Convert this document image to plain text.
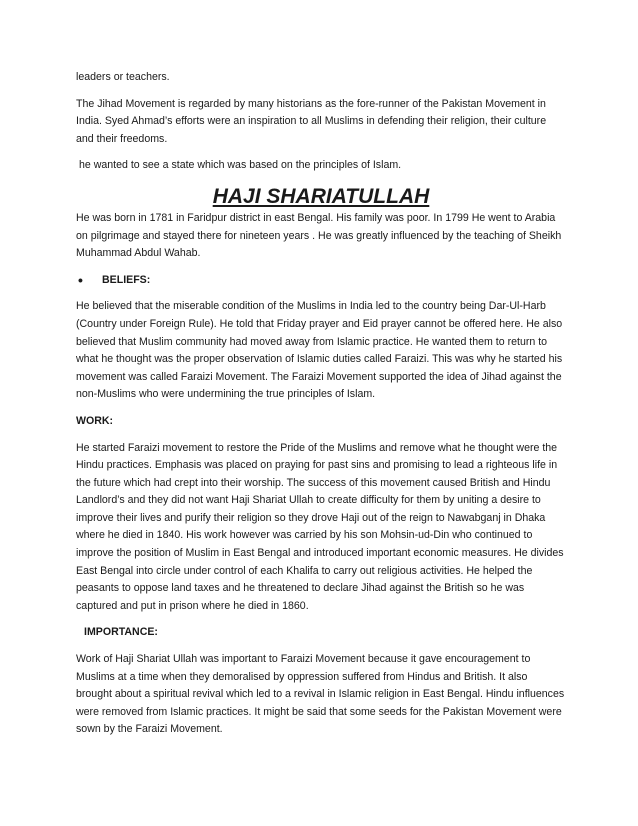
leaders or teachers.

The Jihad Movement is regarded by many historians as the fore-runner of the Pakistan Movement in India. Syed Ahmad’s efforts were an inspiration to all Muslims in defending their religion, their culture and their freedoms.

he wanted to see a state which was based on the principles of Islam.

HAJI SHARIATULLAH

He was born in 1781 in Faridpur district in east Bengal. His family was poor. In 1799 He went to Arabia on pilgrimage and stayed there for nineteen years . He was greatly influenced by the teaching of Sheikh Muhammad Abdul Wahab.

•	BELIEFS:

He believed that the miserable condition of the Muslims in India led to the country being Dar-Ul-Harb (Country under Foreign Rule). He told that Friday prayer and Eid prayer cannot be offered here. He also believed that Muslim community had moved away from Islamic practice. He wanted them to return to what he thought was the proper observation of Islamic duties called Faraizi. This was why he started his movement was called Faraizi Movement. The Faraizi Movement supported the idea of Jihad against the non-Muslims who were undermining the true principles of Islam.

WORK:

He started Faraizi movement to restore the Pride of the Muslims and remove what he thought were the Hindu practices. Emphasis was placed on praying for past sins and promising to lead a righteous life in the future which had crept into their worship. The success of this movement caused British and Hindu Landlord’s and they did not want Haji Shariat Ullah to create difficulty for them by uniting a desire to improve their lives and purify their religion so they drove Haji out of the reign to Nawabganj in Dhaka where he died in 1840. His work however was carried by his son Mohsin-ud-Din who continued to improve the position of Muslim in East Bengal and introduced important economic measures. He divides East Bengal into circle under control of each Khalifa to carry out religious activities. He helped the peasants to oppose land taxes and he threatened to declare Jihad against the British so he was captured and put in prison where he died in 1860.

IMPORTANCE:

Work of Haji Shariat Ullah was important to Faraizi Movement because it gave encouragement to Muslims at a time when they demoralised by oppression suffered from Hindus and British. It also brought about a spiritual revival which led to a revival in Islamic religion in East Bengal. Hindu influences were removed from Islamic practices. It might be said that some seeds for the Pakistan Movement were sown by the Faraizi Movement.
